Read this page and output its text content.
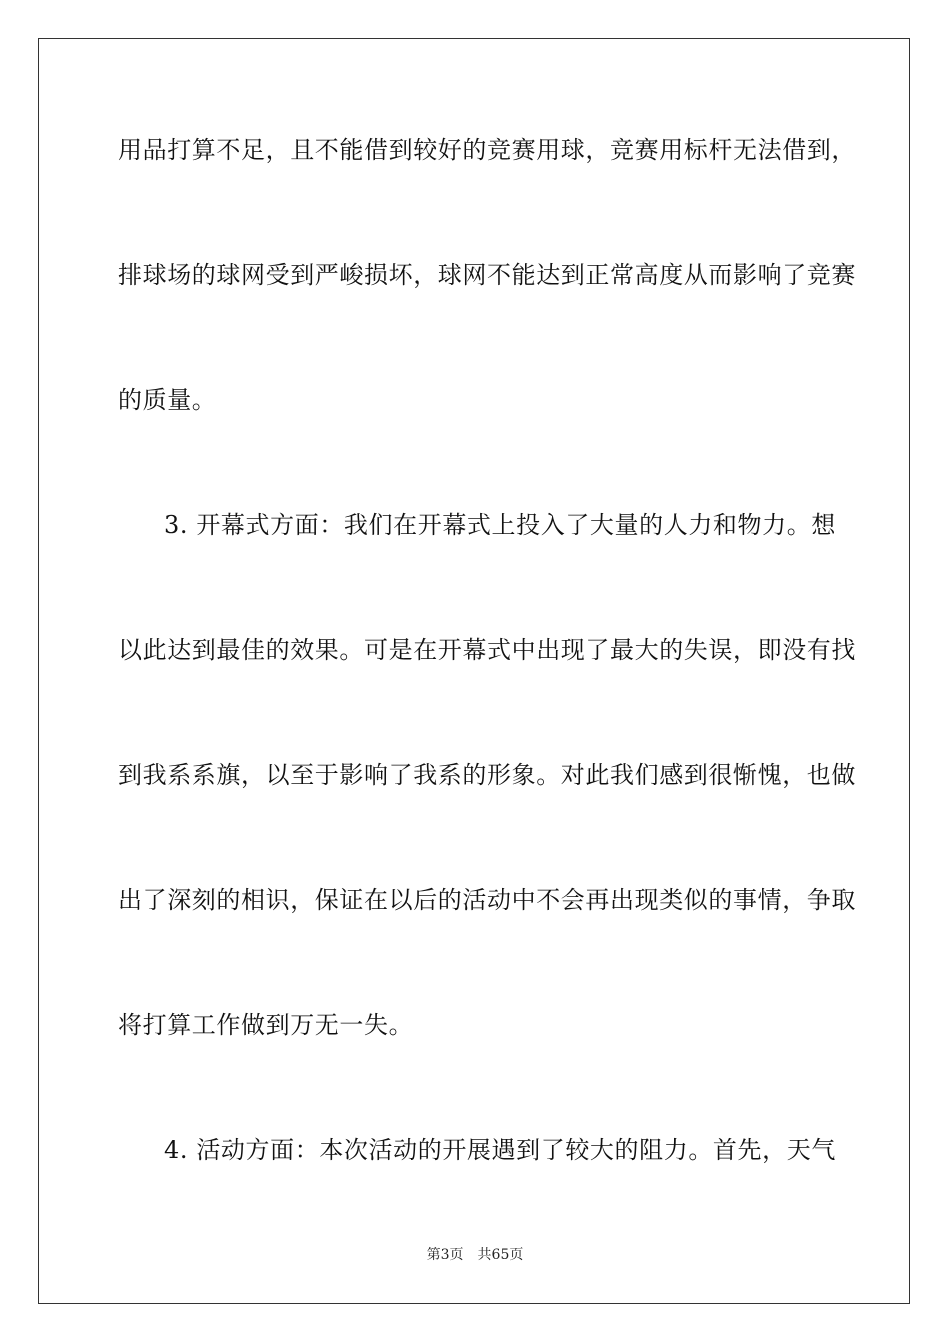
用品打算不足，且不能借到较好的竞赛用球，竞赛用标杆无法借到，
排球场的球网受到严峻损坏，球网不能达到正常高度从而影响了竞赛
的质量。
3. 开幕式方面：我们在开幕式上投入了大量的人力和物力。想
以此达到最佳的效果。可是在开幕式中出现了最大的失误，即没有找
到我系系旗，以至于影响了我系的形象。对此我们感到很惭愧，也做
出了深刻的相识，保证在以后的活动中不会再出现类似的事情，争取
将打算工作做到万无一失。
4. 活动方面：本次活动的开展遇到了较大的阻力。首先，天气
第3页 共65页
